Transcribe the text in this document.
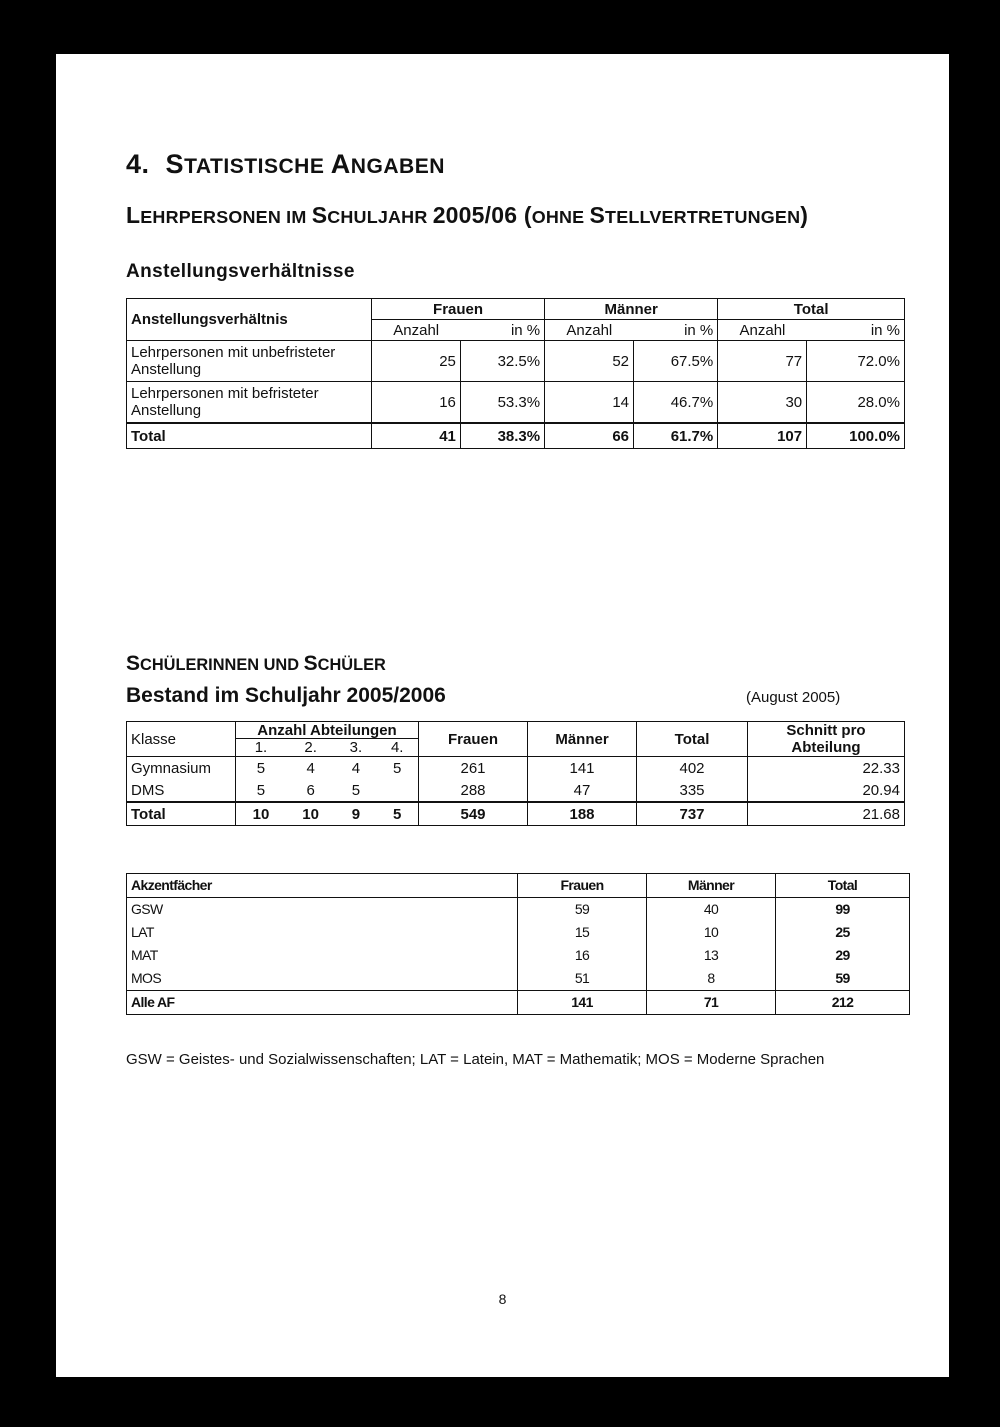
4. STATISTISCHE ANGABEN
LEHRPERSONEN IM SCHULJAHR 2005/06 (OHNE STELLVERTRETUNGEN)
Anstellungsverhältnisse
Anstellungsverhältnis	Frauen		Männer		Total	
	Anzahl	in %	Anzahl	in %	Anzahl	in %
Lehrpersonen mit unbefristeter Anstellung	25	32.5%	52	67.5%	77	72.0%
Lehrpersonen mit befristeter Anstellung	16	53.3%	14	46.7%	30	28.0%
Total	41	38.3%	66	61.7%	107	100.0%
SCHÜLERINNEN UND SCHÜLER
Bestand im Schuljahr 2005/2006	(August 2005)
Klasse	Anzahl Abteilungen				Frauen	Männer	Total	Schnitt pro Abteilung
	1.	2.	3.	4.				
Gymnasium	5	4	4	5	261	141	402	22.33
DMS	5	6	5		288	47	335	20.94
Total	10	10	9	5	549	188	737	21.68
Akzentfächer	Frauen	Männer	Total
GSW	59	40	99
LAT	15	10	25
MAT	16	13	29
MOS	51	8	59
Alle AF	141	71	212
GSW = Geistes- und Sozialwissenschaften; LAT = Latein, MAT = Mathematik; MOS = Moderne Sprachen
8
